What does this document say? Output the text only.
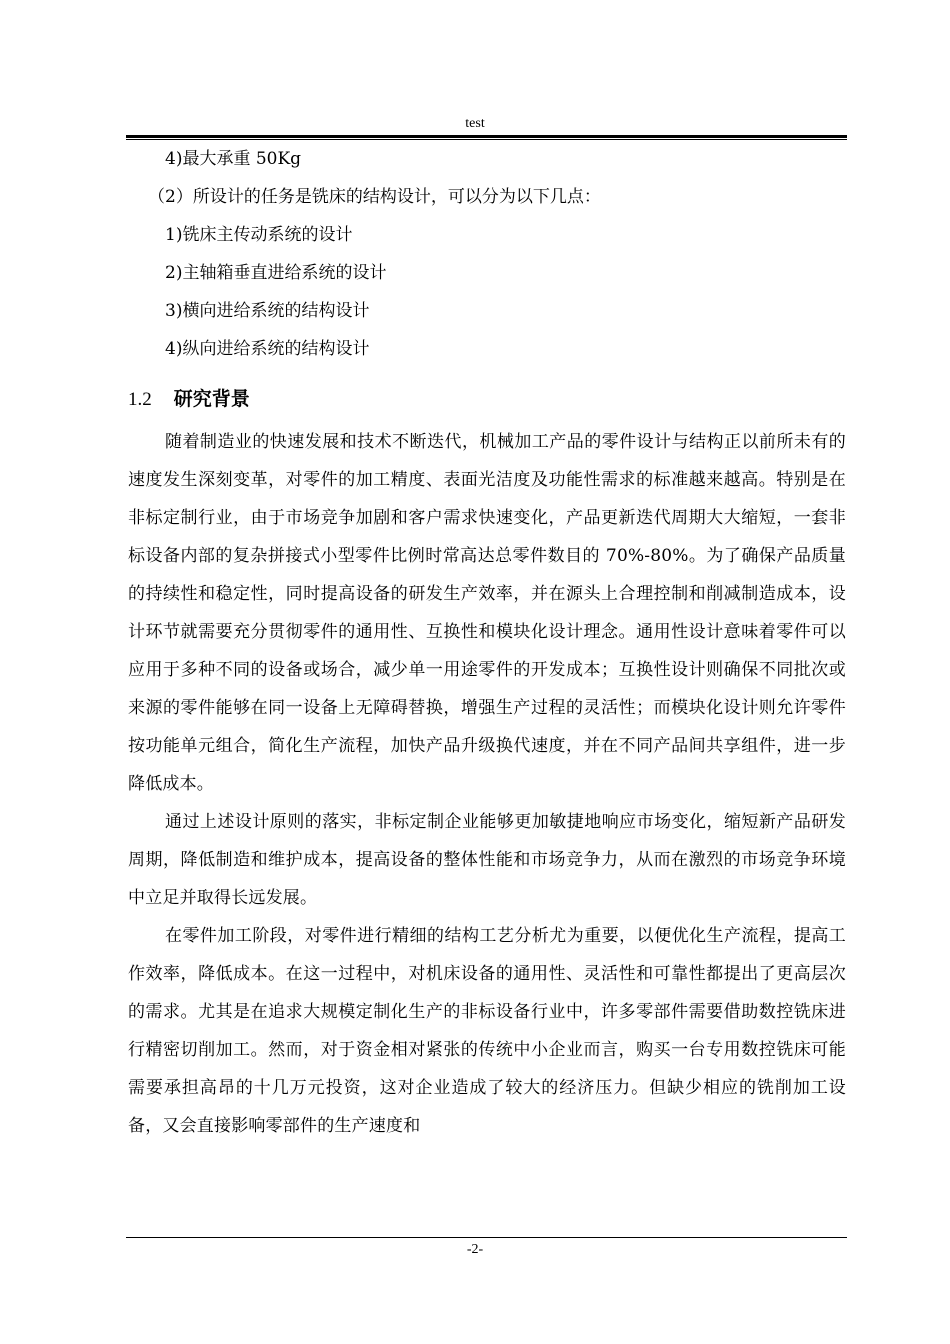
test
4)最大承重 50Kg
（2）所设计的任务是铣床的结构设计，可以分为以下几点：
1)铣床主传动系统的设计
2)主轴箱垂直进给系统的设计
3)横向进给系统的结构设计
4)纵向进给系统的结构设计
1.2 研究背景

随着制造业的快速发展和技术不断迭代，机械加工产品的零件设计与结构正以前所未有的速度发生深刻变革，对零件的加工精度、表面光洁度及功能性需求的标准越来越高。特别是在非标定制行业，由于市场竞争加剧和客户需求快速变化，产品更新迭代周期大大缩短，一套非标设备内部的复杂拼接式小型零件比例时常高达总零件数目的 70%-80%。为了确保产品质量的持续性和稳定性，同时提高设备的研发生产效率，并在源头上合理控制和削减制造成本，设计环节就需要充分贯彻零件的通用性、互换性和模块化设计理念。通用性设计意味着零件可以应用于多种不同的设备或场合，减少单一用途零件的开发成本；互换性设计则确保不同批次或来源的零件能够在同一设备上无障碍替换，增强生产过程的灵活性；而模块化设计则允许零件按功能单元组合，简化生产流程，加快产品升级换代速度，并在不同产品间共享组件，进一步降低成本。

通过上述设计原则的落实，非标定制企业能够更加敏捷地响应市场变化，缩短新产品研发周期，降低制造和维护成本，提高设备的整体性能和市场竞争力，从而在激烈的市场竞争环境中立足并取得长远发展。

在零件加工阶段，对零件进行精细的结构工艺分析尤为重要，以便优化生产流程，提高工作效率，降低成本。在这一过程中，对机床设备的通用性、灵活性和可靠性都提出了更高层次的需求。尤其是在追求大规模定制化生产的非标设备行业中，许多零部件需要借助数控铣床进行精密切削加工。然而，对于资金相对紧张的传统中小企业而言，购买一台专用数控铣床可能需要承担高昂的十几万元投资，这对企业造成了较大的经济压力。但缺少相应的铣削加工设备，又会直接影响零部件的生产速度和

-2-
